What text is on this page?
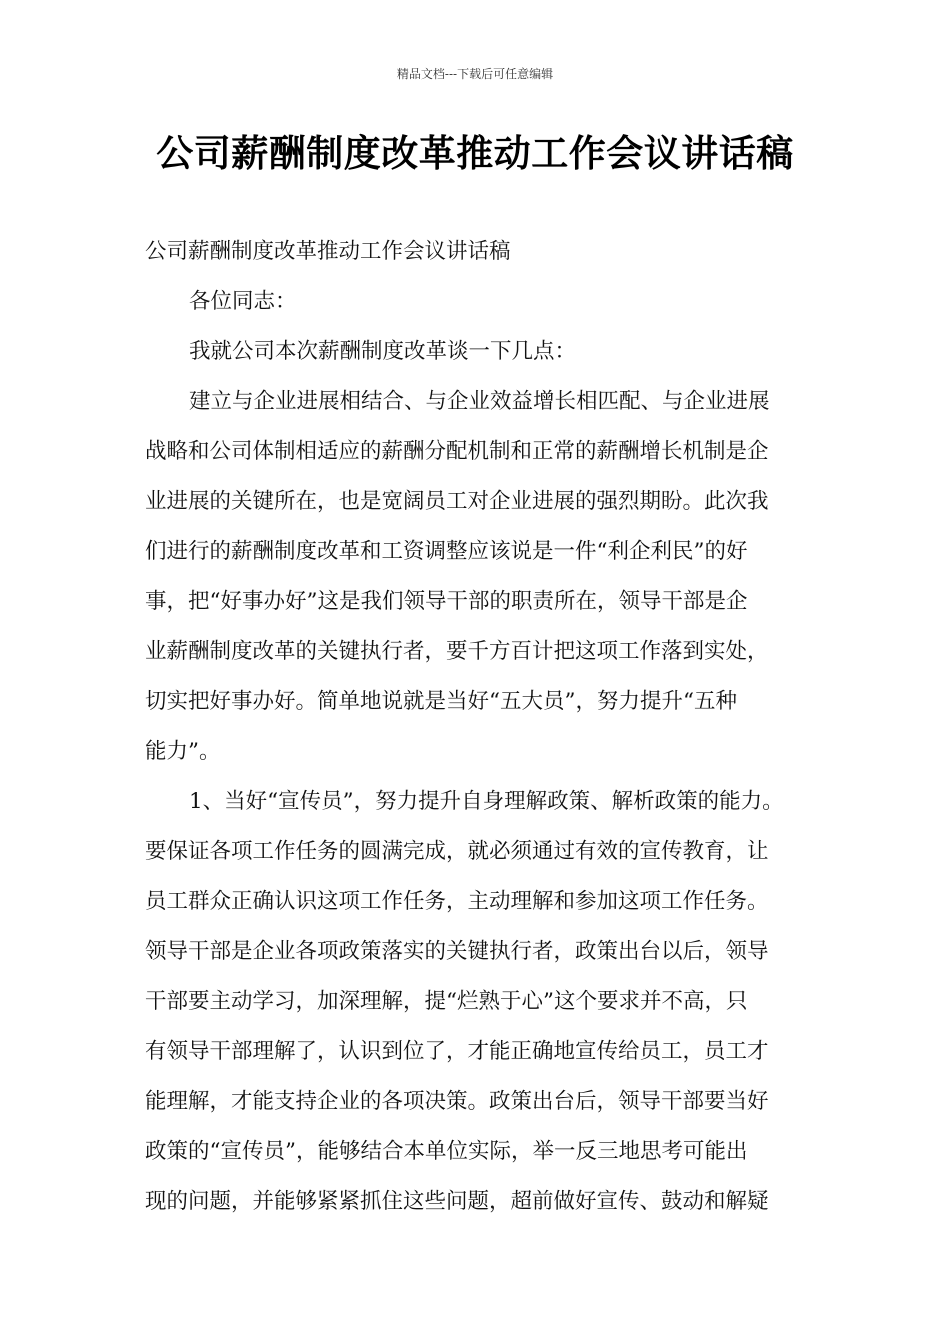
精品文档---下载后可任意编辑
公司薪酬制度改革推动工作会议讲话稿

公司薪酬制度改革推动工作会议讲话稿

各位同志：

我就公司本次薪酬制度改革谈一下几点：

建立与企业进展相结合、与企业效益增长相匹配、与企业进展

战略和公司体制相适应的薪酬分配机制和正常的薪酬增长机制是企

业进展的关键所在，也是宽阔员工对企业进展的强烈期盼。此次我

们进行的薪酬制度改革和工资调整应该说是一件“利企利民”的好

事，把“好事办好”这是我们领导干部的职责所在，领导干部是企

业薪酬制度改革的关键执行者，要千方百计把这项工作落到实处，

切实把好事办好。简单地说就是当好“五大员”，努力提升“五种

能力”。

1、当好“宣传员”，努力提升自身理解政策、解析政策的能力。

要保证各项工作任务的圆满完成，就必须通过有效的宣传教育，让

员工群众正确认识这项工作任务，主动理解和参加这项工作任务。

领导干部是企业各项政策落实的关键执行者，政策出台以后，领导

干部要主动学习，加深理解，提“烂熟于心”这个要求并不高，只

有领导干部理解了，认识到位了，才能正确地宣传给员工，员工才

能理解，才能支持企业的各项决策。政策出台后，领导干部要当好

政策的“宣传员”，能够结合本单位实际，举一反三地思考可能出

现的问题，并能够紧紧抓住这些问题，超前做好宣传、鼓动和解疑
